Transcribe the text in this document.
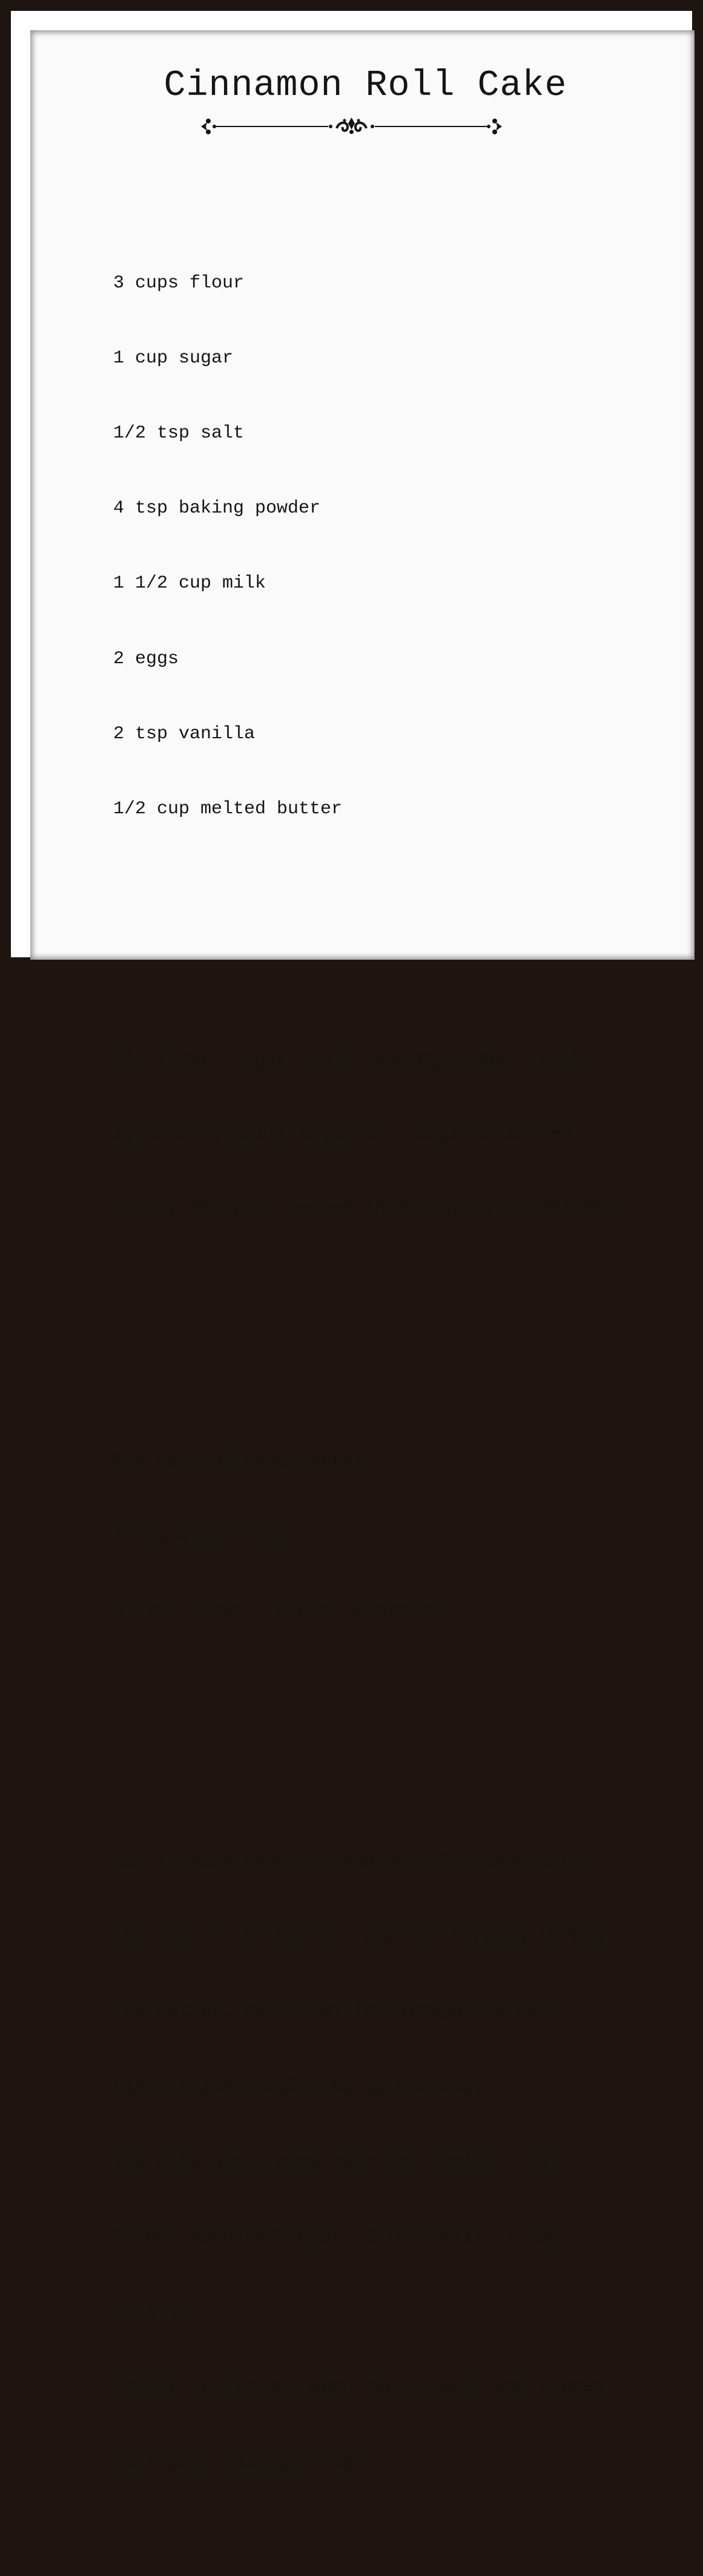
Cinnamon Roll Cake

3 cups flour

1 cup sugar

1/2 tsp salt

4 tsp baking powder

1 1/2 cup milk

2 eggs

2 tsp vanilla

1/2 cup melted butter

Mix flour, sugar, salt, baking powder, milk,

eggs and vanilla together.  Stir in melted

butter and pour batter into a greased 9X13 pan

3/4 cup softened butter

1 cup brown sugar

2 Tbsp flour 1 Tbsp cinnamon

Mix topping together and drop by spoon onto

the top of the batter, cut the topping through

the batter, so it swirls through the cake.

Bake at 350 until cake is browned.

Top with glaze when cake has cooled a bit.

2 cups powdered sugar, 5 Tbsp milk, 1 tsp

vanilla.

ENJOY!  Delicious when served warm and topped

with some whipped cream.
